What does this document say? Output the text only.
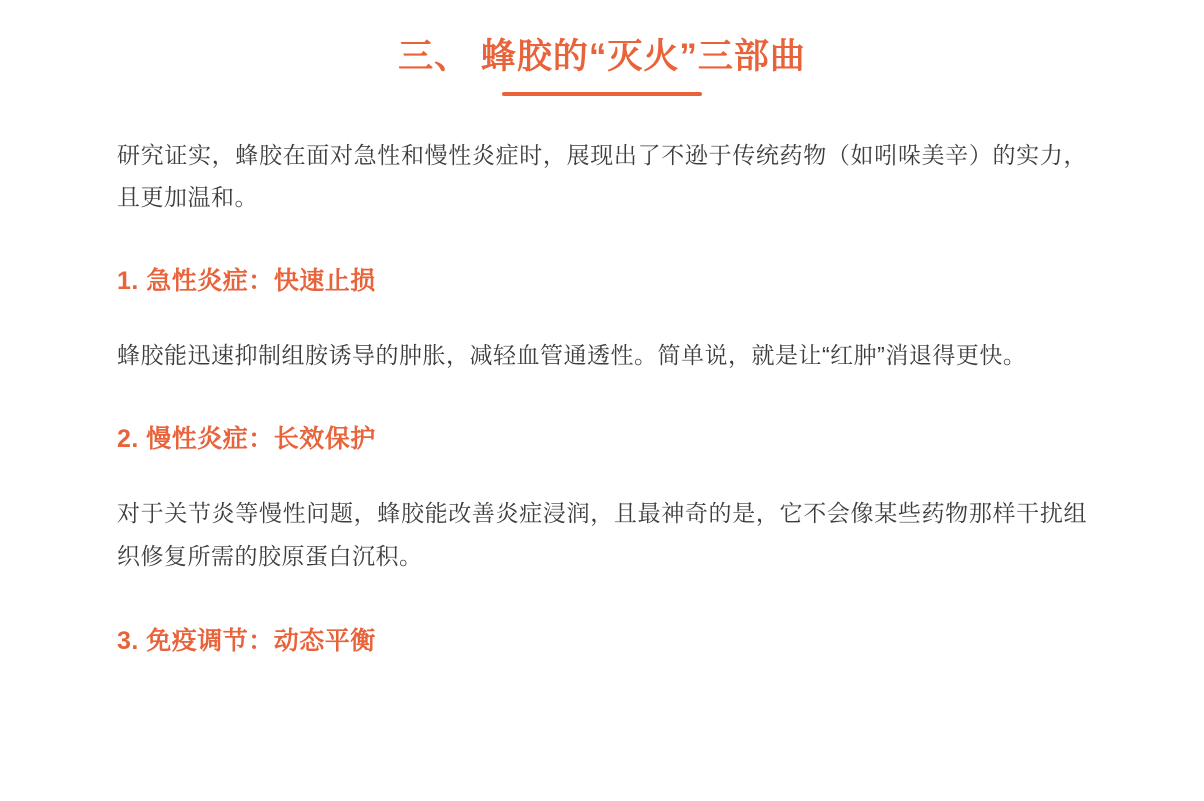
三、 蜂胶的“灭火”三部曲

研究证实，蜂胶在面对急性和慢性炎症时，展现出了不逊于传统药物（如吲哚美辛）的实力，且更加温和。

1. 急性炎症：快速止损

蜂胶能迅速抑制组胺诱导的肿胀，减轻血管通透性。简单说，就是让“红肿”消退得更快。

2. 慢性炎症：长效保护

对于关节炎等慢性问题，蜂胶能改善炎症浸润，且最神奇的是，它不会像某些药物那样干扰组织修复所需的胶原蛋白沉积。

3. 免疫调节：动态平衡
